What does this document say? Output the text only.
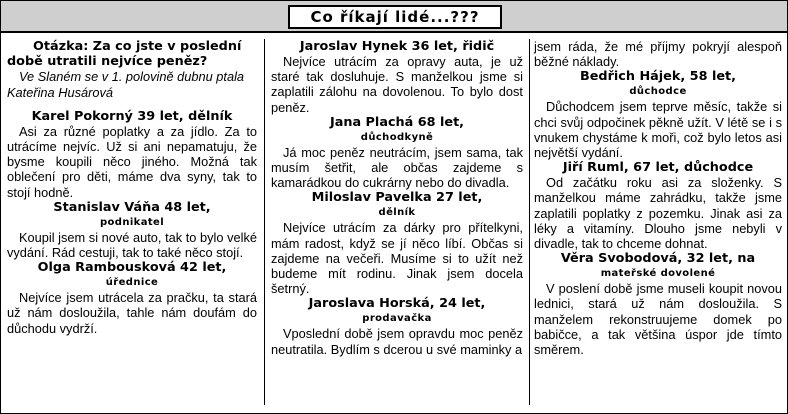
Co říkají lidé...???

Otázka: Za co jste v poslední době utratili nejvíce peněz?

Ve Slaném se v 1. polovině dubnu ptala Kateřina Husárová

Karel Pokorný 39 let, dělník

Asi za různé poplatky a za jídlo. Za to utrácíme nejvíc. Už si ani nepamatuju, že bysme koupili něco jiného. Možná tak oblečení pro děti, máme dva syny, tak to stojí hodně.

Stanislav Váňa 48 let,

podnikatel

Koupil jsem si nové auto, tak to bylo velké vydání. Rád cestuji, tak to také něco stojí.

Olga Rambousková 42 let,

úřednice

Nejvíce jsem utrácela za pračku, ta stará už nám dosloužila, tahle nám doufám do důchodu vydrží.

Jaroslav Hynek 36 let, řidič

Nejvíce utrácím za opravy auta, je už staré tak dosluhuje. S manželkou jsme si zaplatili zálohu na dovolenou. To bylo dost peněz.

Jana Plachá 68 let,

důchodkyně

Já moc peněz neutrácím, jsem sama, tak musím šetřit, ale občas zajdeme s kamarádkou do cukrárny nebo do divadla.

Miloslav Pavelka 27 let,

dělník

Nejvíce utrácím za dárky pro přítelkyni, mám radost, když se jí něco líbí. Občas si zajdeme na večeři. Musíme si to užít než budeme mít rodinu. Jinak jsem docela šetrný.

Jaroslava Horská, 24 let,

prodavačka

Vposlední době jsem opravdu moc peněz neutratila. Bydlím s dcerou u své maminky a

jsem ráda, že mé příjmy pokryjí alespoň běžné náklady.

Bedřich Hájek, 58 let,

důchodce

Důchodcem jsem teprve měsíc, takže si chci svůj odpočinek pěkně užít. V létě se i s vnukem chystáme k moři, což bylo letos asi největší vydání.

Jiří Ruml, 67 let, důchodce

Od začátku roku asi za složenky. S manželkou máme zahrádku, takže jsme zaplatili poplatky z pozemku. Jinak asi za léky a vitamíny. Dlouho jsme nebyli v divadle, tak to chceme dohnat.

Věra Svobodová, 32 let, na

mateřské dovolené

V poslení době jsme museli koupit novou lednici, stará už nám dosloužila. S manželem rekonstruujeme domek po babičce, a tak většina úspor jde tímto směrem.
